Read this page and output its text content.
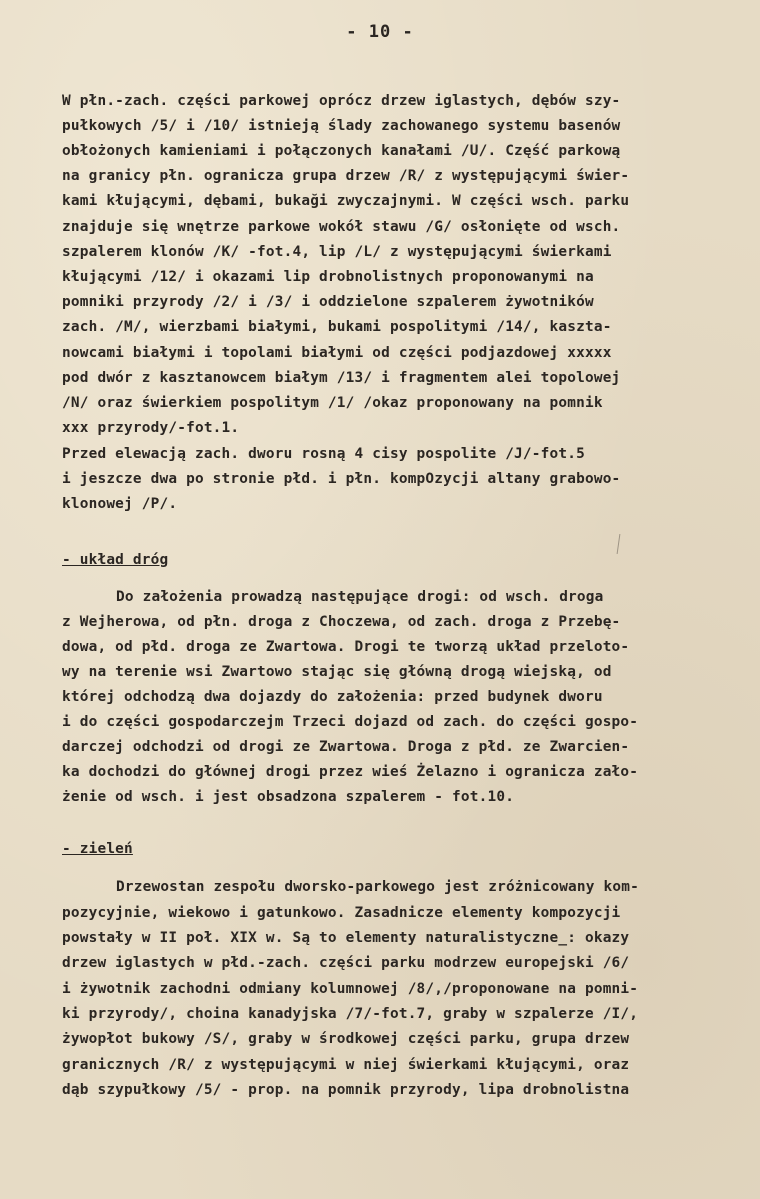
- 10 -
W płn.-zach. części parkowej oprócz drzew iglastych, dębów szy-
pułkowych /5/ i /10/ istnieją ślady zachowanego systemu basenów
obłożonych kamieniami i połączonych kanałami /U/. Część parkową
na granicy płn. ogranicza grupa drzew /R/ z występującymi świer-
kami kłującymi, dębami, bukaği zwyczajnymi. W części wsch. parku
znajduje się wnętrze parkowe wokół stawu /G/ osłonięte od wsch.
szpalerem klonów /K/ -fot.4, lip /L/ z występującymi świerkami
kłującymi /12/ i okazami lip drobnolistnych proponowanymi na
pomniki przyrody /2/ i /3/ i oddzielone szpalerem żywotników
zach. /M/, wierzbami białymi, bukami pospolitymi /14/, kaszta-
nowcami białymi i topolami białymi od części podjazdowej xxxxx
pod dwór z kasztanowcem białym /13/ i fragmentem alei topolowej
/N/ oraz świerkiem pospolitym /1/ /okaz proponowany na pomnik
xxx przyrody/-fot.1.
Przed elewacją zach. dworu rosną 4 cisy pospolite /J/-fot.5
i jeszcze dwa po stronie płd. i płn. kompOzycji altany grabowo-
klonowej /P/.
- układ dróg
Do założenia prowadzą następujące drogi: od wsch. droga
z Wejherowa, od płn. droga z Choczewa, od zach. droga z Przebę-
dowa, od płd. droga ze Zwartowa. Drogi te tworzą układ przeloto-
wy na terenie wsi Zwartowo stając się główną drogą wiejską, od
której odchodzą dwa dojazdy do założenia: przed budynek dworu
i do części gospodarczejm Trzeci dojazd od zach. do części gospo-
darczej odchodzi od drogi ze Zwartowa. Droga z płd. ze Zwarcien-
ka dochodzi do głównej drogi przez wieś Żelazno i ogranicza zało-
żenie od wsch. i jest obsadzona szpalerem - fot.10.
- zieleń
Drzewostan zespołu dworsko-parkowego jest zróżnicowany kom-
pozycyjnie, wiekowo i gatunkowo. Zasadnicze elementy kompozycji
powstały w II poł. XIX w. Są to elementy naturalistyczne_: okazy
drzew iglastych w płd.-zach. części parku modrzew europejski /6/
i żywotnik zachodni odmiany kolumnowej /8/,/proponowane na pomni-
ki przyrody/, choina kanadyjska /7/-fot.7, graby w szpalerze /I/,
żywopłot bukowy /S/, graby w środkowej części parku, grupa drzew
granicznych /R/ z występującymi w niej świerkami kłującymi, oraz
dąb szypułkowy /5/ - prop. na pomnik przyrody, lipa drobnolistna
